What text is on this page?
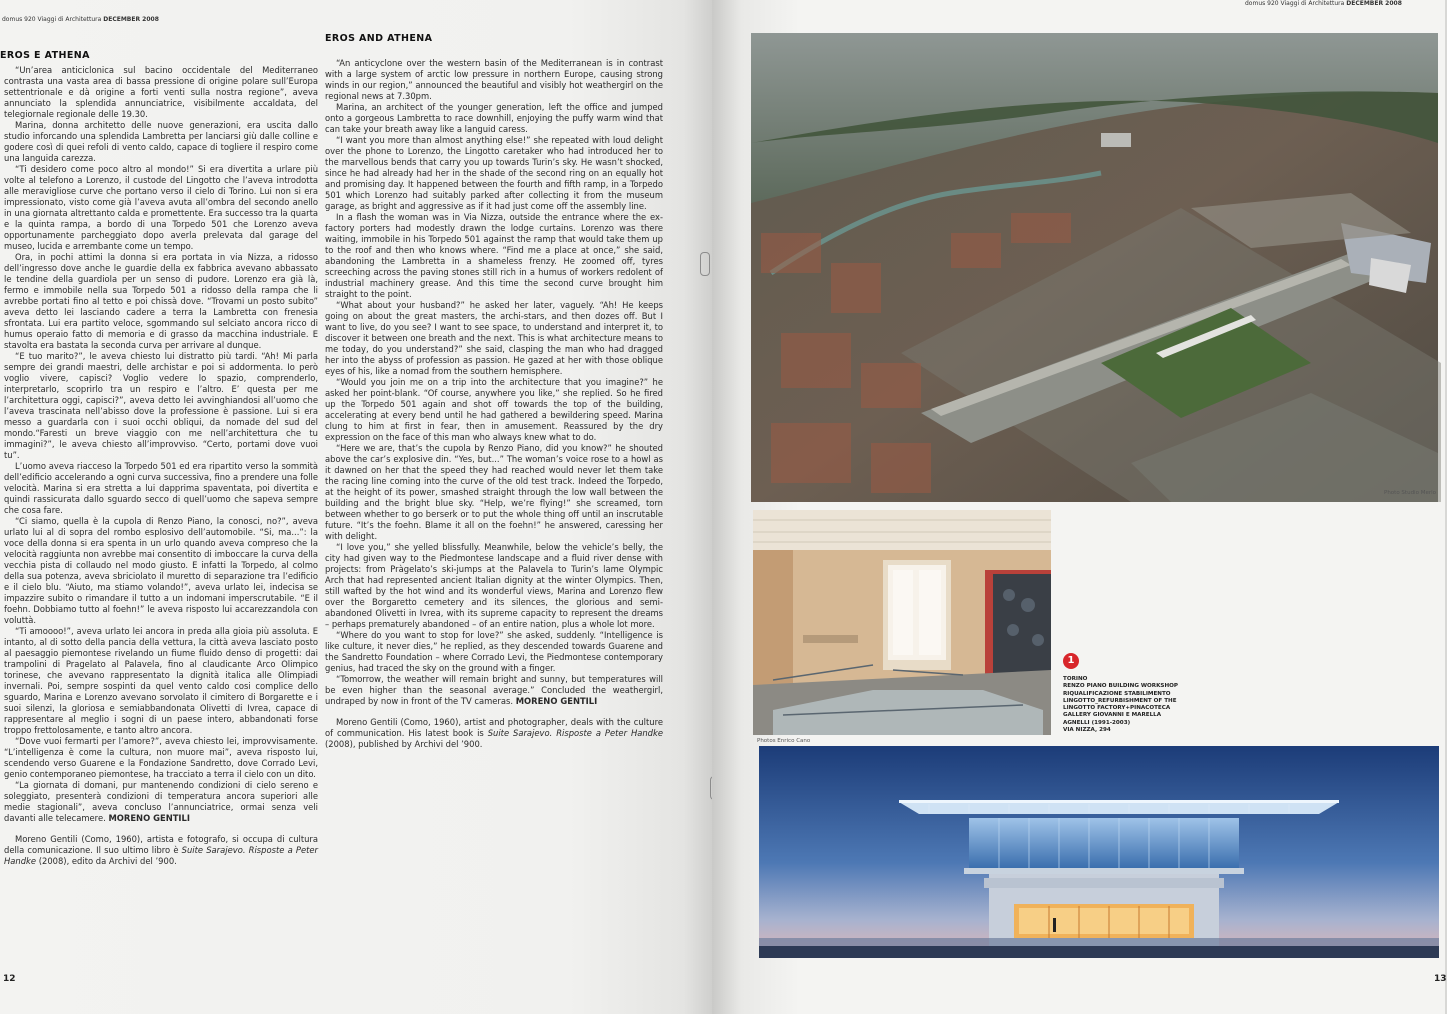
domus 920 Viaggi di Architettura DECEMBER 2008
EROS E ATHENA

“Un’area anticiclonica sul bacino occidentale del Mediterraneo contrasta una vasta area di bassa pressione di origine polare sull’Europa settentrionale e dà origine a forti venti sulla nostra regione”, aveva annunciato la splendida annunciatrice, visibilmente accaldata, del telegiornale regionale delle 19.30.

Marina, donna architetto delle nuove generazioni, era uscita dallo studio inforcando una splendida Lambretta per lanciarsi giù dalle colline e godere così di quei refoli di vento caldo, capace di togliere il respiro come una languida carezza.

“Ti desidero come poco altro al mondo!” Si era divertita a urlare più volte al telefono a Lorenzo, il custode del Lingotto che l’aveva introdotta alle meravigliose curve che portano verso il cielo di Torino. Lui non si era impressionato, visto come già l’aveva avuta all’ombra del secondo anello in una giornata altrettanto calda e promettente. Era successo tra la quarta e la quinta rampa, a bordo di una Torpedo 501 che Lorenzo aveva opportunamente parcheggiato dopo averla prelevata dal garage del museo, lucida e arrembante come un tempo.

Ora, in pochi attimi la donna si era portata in via Nizza, a ridosso dell’ingresso dove anche le guardie della ex fabbrica avevano abbassato le tendine della guardiola per un senso di pudore. Lorenzo era già là, fermo e immobile nella sua Torpedo 501 a ridosso della rampa che li avrebbe portati fino al tetto e poi chissà dove. “Trovami un posto subito” aveva detto lei lasciando cadere a terra la Lambretta con frenesia sfrontata. Lui era partito veloce, sgommando sul selciato ancora ricco di humus operaio fatto di memoria e di grasso da macchina industriale. E stavolta era bastata la seconda curva per arrivare al dunque.

“E tuo marito?”, le aveva chiesto lui distratto più tardi. “Ah! Mi parla sempre dei grandi maestri, delle archistar e poi si addormenta. Io però voglio vivere, capisci? Voglio vedere lo spazio, comprenderlo, interpretarlo, scoprirlo tra un respiro e l’altro. E’ questa per me l’architettura oggi, capisci?”, aveva detto lei avvinghiandosi all’uomo che l’aveva trascinata nell’abisso dove la professione è passione. Lui si era messo a guardarla con i suoi occhi obliqui, da nomade del sud del mondo.“Faresti un breve viaggio con me nell’architettura che tu immagini?”, le aveva chiesto all’improvviso. “Certo, portami dove vuoi tu”.

L’uomo aveva riacceso la Torpedo 501 ed era ripartito verso la sommità dell’edificio accelerando a ogni curva successiva, fino a prendere una folle velocità. Marina si era stretta a lui dapprima spaventata, poi divertita e quindi rassicurata dallo sguardo secco di quell’uomo che sapeva sempre che cosa fare.

“Ci siamo, quella è la cupola di Renzo Piano, la conosci, no?”, aveva urlato lui al di sopra del rombo esplosivo dell’automobile. “Si, ma...”: la voce della donna si era spenta in un urlo quando aveva compreso che la velocità raggiunta non avrebbe mai consentito di imboccare la curva della vecchia pista di collaudo nel modo giusto. E infatti la Torpedo, al colmo della sua potenza, aveva sbriciolato il muretto di separazione tra l’edificio e il cielo blu. “Aiuto, ma stiamo volando!”, aveva urlato lei, indecisa se impazzire subito o rimandare il tutto a un indomani imperscrutabile. “E il foehn. Dobbiamo tutto al foehn!” le aveva risposto lui accarezzandola con voluttà.

“Ti amoooo!”, aveva urlato lei ancora in preda alla gioia più assoluta. E intanto, al di sotto della pancia della vettura, la città aveva lasciato posto al paesaggio piemontese rivelando un fiume fluido denso di progetti: dai trampolini di Pragelato al Palavela, fino al claudicante Arco Olimpico torinese, che avevano rappresentato la dignità italica alle Olimpiadi invernali. Poi, sempre sospinti da quel vento caldo cosi complice dello sguardo, Marina e Lorenzo avevano sorvolato il cimitero di Borgarette e i suoi silenzi, la gloriosa e semiabbandonata Olivetti di Ivrea, capace di rappresentare al meglio i sogni di un paese intero, abbandonati forse troppo frettolosamente, e tanto altro ancora.

“Dove vuoi fermarti per l’amore?”, aveva chiesto lei, improvvisamente. “L’intelligenza è come la cultura, non muore mai”, aveva risposto lui, scendendo verso Guarene e la Fondazione Sandretto, dove Corrado Levi, genio contemporaneo piemontese, ha tracciato a terra il cielo con un dito.

“La giornata di domani, pur mantenendo condizioni di cielo sereno e soleggiato, presenterà condizioni di temperatura ancora superiori alle medie stagionali”, aveva concluso l’annunciatrice, ormai senza veli davanti alle telecamere. MORENO GENTILI

Moreno Gentili (Como, 1960), artista e fotografo, si occupa di cultura della comunicazione. Il suo ultimo libro è Suite Sarajevo. Risposte a Peter Handke (2008), edito da Archivi del ’900.

EROS AND ATHENA

“An anticyclone over the western basin of the Mediterranean is in contrast with a large system of arctic low pressure in northern Europe, causing strong winds in our region,” announced the beautiful and visibly hot weathergirl on the regional news at 7.30pm.

Marina, an architect of the younger generation, left the office and jumped onto a gorgeous Lambretta to race downhill, enjoying the puffy warm wind that can take your breath away like a languid caress.

“I want you more than almost anything else!” she repeated with loud delight over the phone to Lorenzo, the Lingotto caretaker who had introduced her to the marvellous bends that carry you up towards Turin’s sky. He wasn’t shocked, since he had already had her in the shade of the second ring on an equally hot and promising day. It happened between the fourth and fifth ramp, in a Torpedo 501 which Lorenzo had suitably parked after collecting it from the museum garage, as bright and aggressive as if it had just come off the assembly line.

In a flash the woman was in Via Nizza, outside the entrance where the ex-factory porters had modestly drawn the lodge curtains. Lorenzo was there waiting, immobile in his Torpedo 501 against the ramp that would take them up to the roof and then who knows where. “Find me a place at once,” she said, abandoning the Lambretta in a shameless frenzy. He zoomed off, tyres screeching across the paving stones still rich in a humus of workers redolent of industrial machinery grease. And this time the second curve brought him straight to the point.

“What about your husband?” he asked her later, vaguely. “Ah! He keeps going on about the great masters, the archi-stars, and then dozes off. But I want to live, do you see? I want to see space, to understand and interpret it, to discover it between one breath and the next. This is what architecture means to me today, do you understand?” she said, clasping the man who had dragged her into the abyss of profession as passion. He gazed at her with those oblique eyes of his, like a nomad from the southern hemisphere.

“Would you join me on a trip into the architecture that you imagine?” he asked her point-blank. “Of course, anywhere you like,” she replied. So he fired up the Torpedo 501 again and shot off towards the top of the building, accelerating at every bend until he had gathered a bewildering speed. Marina clung to him at first in fear, then in amusement. Reassured by the dry expression on the face of this man who always knew what to do.

“Here we are, that’s the cupola by Renzo Piano, did you know?” he shouted above the car’s explosive din. “Yes, but...” The woman’s voice rose to a howl as it dawned on her that the speed they had reached would never let them take the racing line coming into the curve of the old test track. Indeed the Torpedo, at the height of its power, smashed straight through the low wall between the building and the bright blue sky. “Help, we’re flying!” she screamed, torn between whether to go berserk or to put the whole thing off until an inscrutable future. “It’s the foehn. Blame it all on the foehn!” he answered, caressing her with delight.

“I love you,” she yelled blissfully. Meanwhile, below the vehicle’s belly, the city had given way to the Piedmontese landscape and a fluid river dense with projects: from Pràgelato’s ski-jumps at the Palavela to Turin’s lame Olympic Arch that had represented ancient Italian dignity at the winter Olympics. Then, still wafted by the hot wind and its wonderful views, Marina and Lorenzo flew over the Borgaretto cemetery and its silences, the glorious and semi-abandoned Olivetti in Ivrea, with its supreme capacity to represent the dreams – perhaps prematurely abandoned – of an entire nation, plus a whole lot more.

“Where do you want to stop for love?” she asked, suddenly. “Intelligence is like culture, it never dies,” he replied, as they descended towards Guarene and the Sandretto Foundation – where Corrado Levi, the Piedmontese contemporary genius, had traced the sky on the ground with a finger.

“Tomorrow, the weather will remain bright and sunny, but temperatures will be even higher than the seasonal average.” Concluded the weathergirl, undraped by now in front of the TV cameras. MORENO GENTILI

Moreno Gentili (Como, 1960), artist and photographer, deals with the culture of communication. His latest book is Suite Sarajevo. Risposte a Peter Handke (2008), published by Archivi del ’900.

12
domus 920 Viaggi di Architettura DECEMBER 2008
Photo Studio Merlo
Photos Enrico Cano
1
TORINO
RENZO PIANO BUILDING WORKSHOP
RIQUALIFICAZIONE STABILIMENTO
LINGOTTO_REFURBISHMENT OF THE
LINGOTTO FACTORY+PINACOTECA
GALLERY GIOVANNI E MARELLA
AGNELLI (1991-2003)
VIA NIZZA, 294
13
